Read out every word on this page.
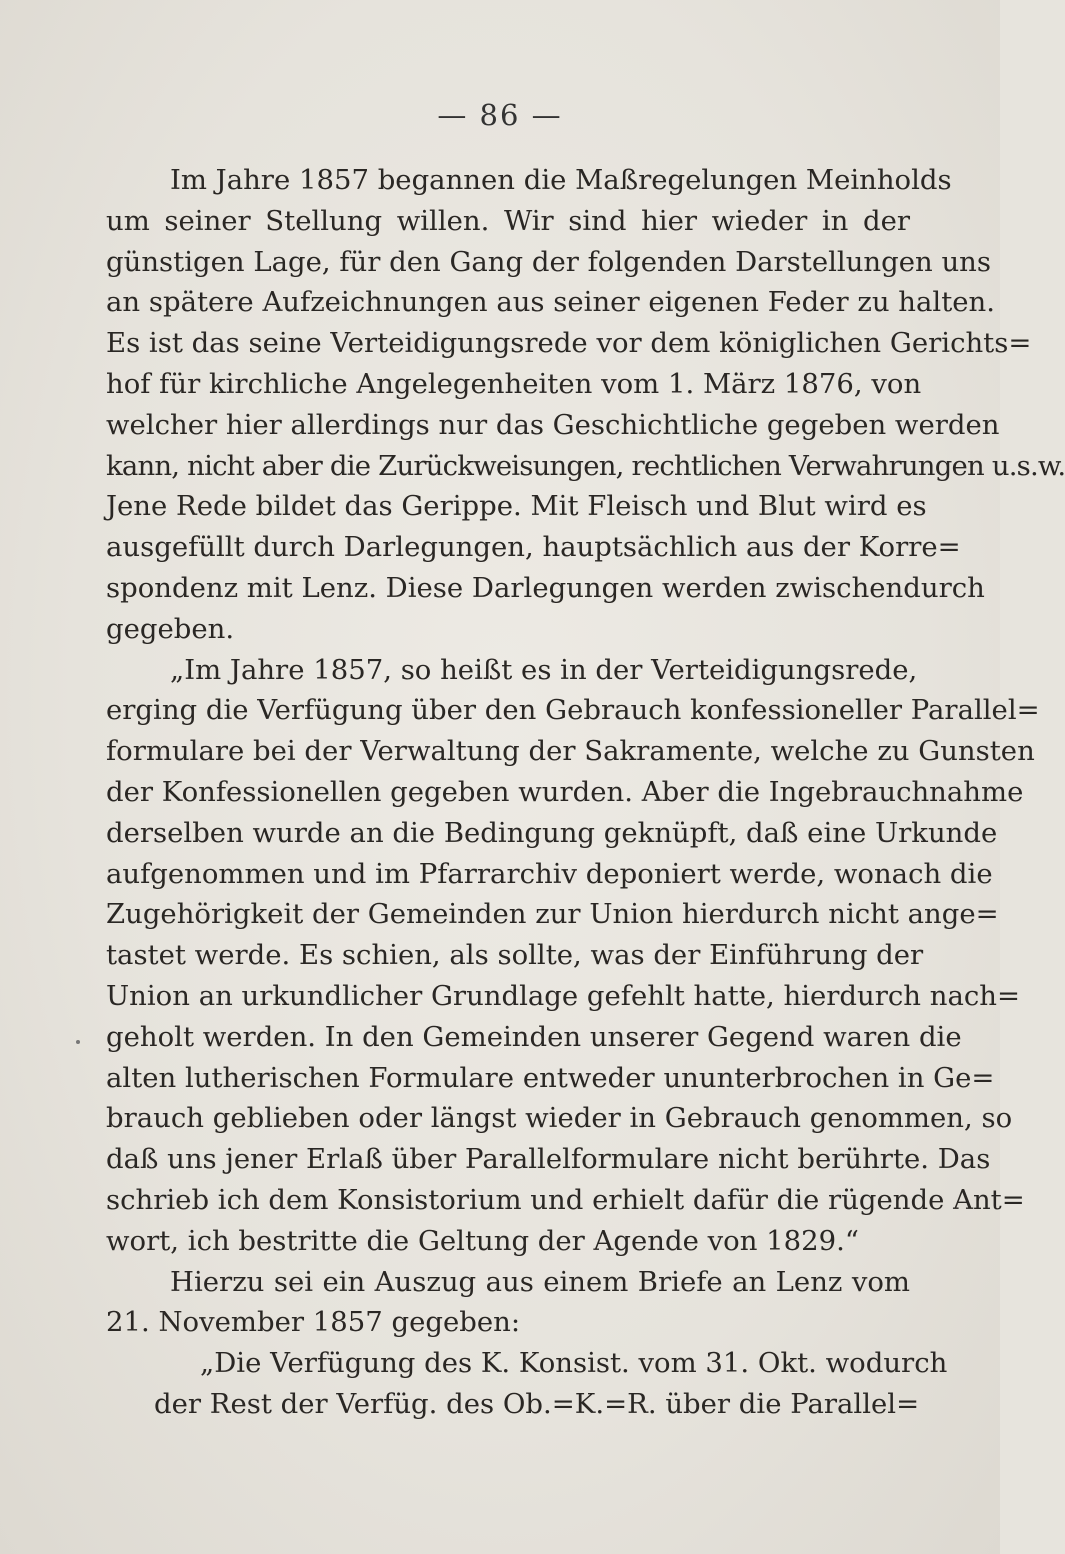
— 86 —
Im Jahre 1857 begannen die Maßregelungen Meinholds
um seiner Stellung willen. Wir sind hier wieder in der
günstigen Lage, für den Gang der folgenden Darstellungen uns
an spätere Aufzeichnungen aus seiner eigenen Feder zu halten.
Es ist das seine Verteidigungsrede vor dem königlichen Gerichts=
hof für kirchliche Angelegenheiten vom 1. März 1876, von
welcher hier allerdings nur das Geschichtliche gegeben werden
kann, nicht aber die Zurückweisungen, rechtlichen Verwahrungen u.s.w.
Jene Rede bildet das Gerippe. Mit Fleisch und Blut wird es
ausgefüllt durch Darlegungen, hauptsächlich aus der Korre=
spondenz mit Lenz. Diese Darlegungen werden zwischendurch
gegeben.
„Im Jahre 1857, so heißt es in der Verteidigungsrede,
erging die Verfügung über den Gebrauch konfessioneller Parallel=
formulare bei der Verwaltung der Sakramente, welche zu Gunsten
der Konfessionellen gegeben wurden. Aber die Ingebrauchnahme
derselben wurde an die Bedingung geknüpft, daß eine Urkunde
aufgenommen und im Pfarrarchiv deponiert werde, wonach die
Zugehörigkeit der Gemeinden zur Union hierdurch nicht ange=
tastet werde. Es schien, als sollte, was der Einführung der
Union an urkundlicher Grundlage gefehlt hatte, hierdurch nach=
geholt werden. In den Gemeinden unserer Gegend waren die
alten lutherischen Formulare entweder ununterbrochen in Ge=
brauch geblieben oder längst wieder in Gebrauch genommen, so
daß uns jener Erlaß über Parallelformulare nicht berührte. Das
schrieb ich dem Konsistorium und erhielt dafür die rügende Ant=
wort, ich bestritte die Geltung der Agende von 1829.“
Hierzu sei ein Auszug aus einem Briefe an Lenz vom
21. November 1857 gegeben:
„Die Verfügung des K. Konsist. vom 31. Okt. wodurch
der Rest der Verfüg. des Ob.=K.=R. über die Parallel=
